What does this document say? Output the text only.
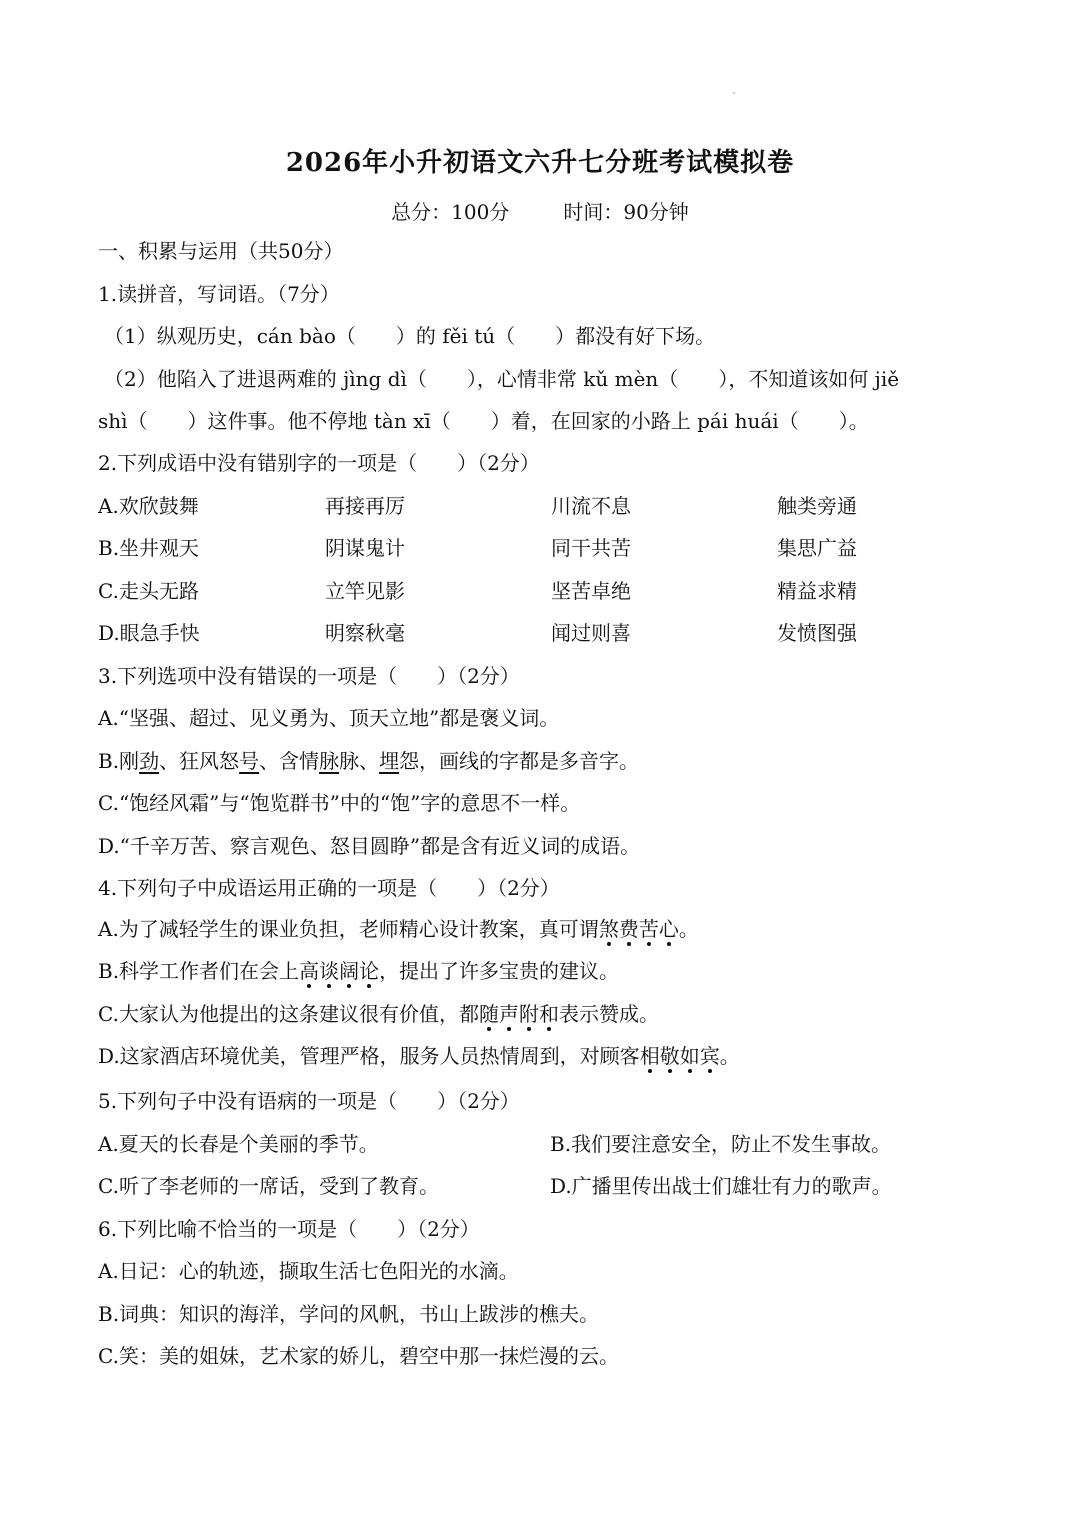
2026年小升初语文六升七分班考试模拟卷
总分：100分	时间：90分钟
一、积累与运用（共50分）
1.读拼音，写词语。（7分）
（1）纵观历史，cán bào（　　）的 fěi tú（　　）都没有好下场。
（2）他陷入了进退两难的 jìng dì（　　），心情非常 kǔ mèn（　　），不知道该如何 jiě
shì（　　）这件事。他不停地 tàn xī（　　）着，在回家的小路上 pái huái（　　）。
2.下列成语中没有错别字的一项是（　　）（2分）
A.欢欣鼓舞	再接再厉	川流不息	触类旁通
B.坐井观天	阴谋鬼计	同干共苦	集思广益
C.走头无路	立竿见影	坚苦卓绝	精益求精
D.眼急手快	明察秋毫	闻过则喜	发愤图强
3.下列选项中没有错误的一项是（　　）（2分）
A.“坚强、超过、见义勇为、顶天立地”都是褒义词。
B.刚劲、狂风怒号、含情脉脉、埋怨，画线的字都是多音字。
C.“饱经风霜”与“饱览群书”中的“饱”字的意思不一样。
D.“千辛万苦、察言观色、怒目圆睁”都是含有近义词的成语。
4.下列句子中成语运用正确的一项是（　　）（2分）
A.为了减轻学生的课业负担，老师精心设计教案，真可谓煞费苦心。
B.科学工作者们在会上高谈阔论，提出了许多宝贵的建议。
C.大家认为他提出的这条建议很有价值，都随声附和表示赞成。
D.这家酒店环境优美，管理严格，服务人员热情周到，对顾客相敬如宾。
5.下列句子中没有语病的一项是（　　）（2分）
A.夏天的长春是个美丽的季节。	B.我们要注意安全，防止不发生事故。
C.听了李老师的一席话，受到了教育。	D.广播里传出战士们雄壮有力的歌声。
6.下列比喻不恰当的一项是（　　）（2分）
A.日记：心的轨迹，撷取生活七色阳光的水滴。
B.词典：知识的海洋，学问的风帆，书山上跋涉的樵夫。
C.笑：美的姐妹，艺术家的娇儿，碧空中那一抹烂漫的云。
